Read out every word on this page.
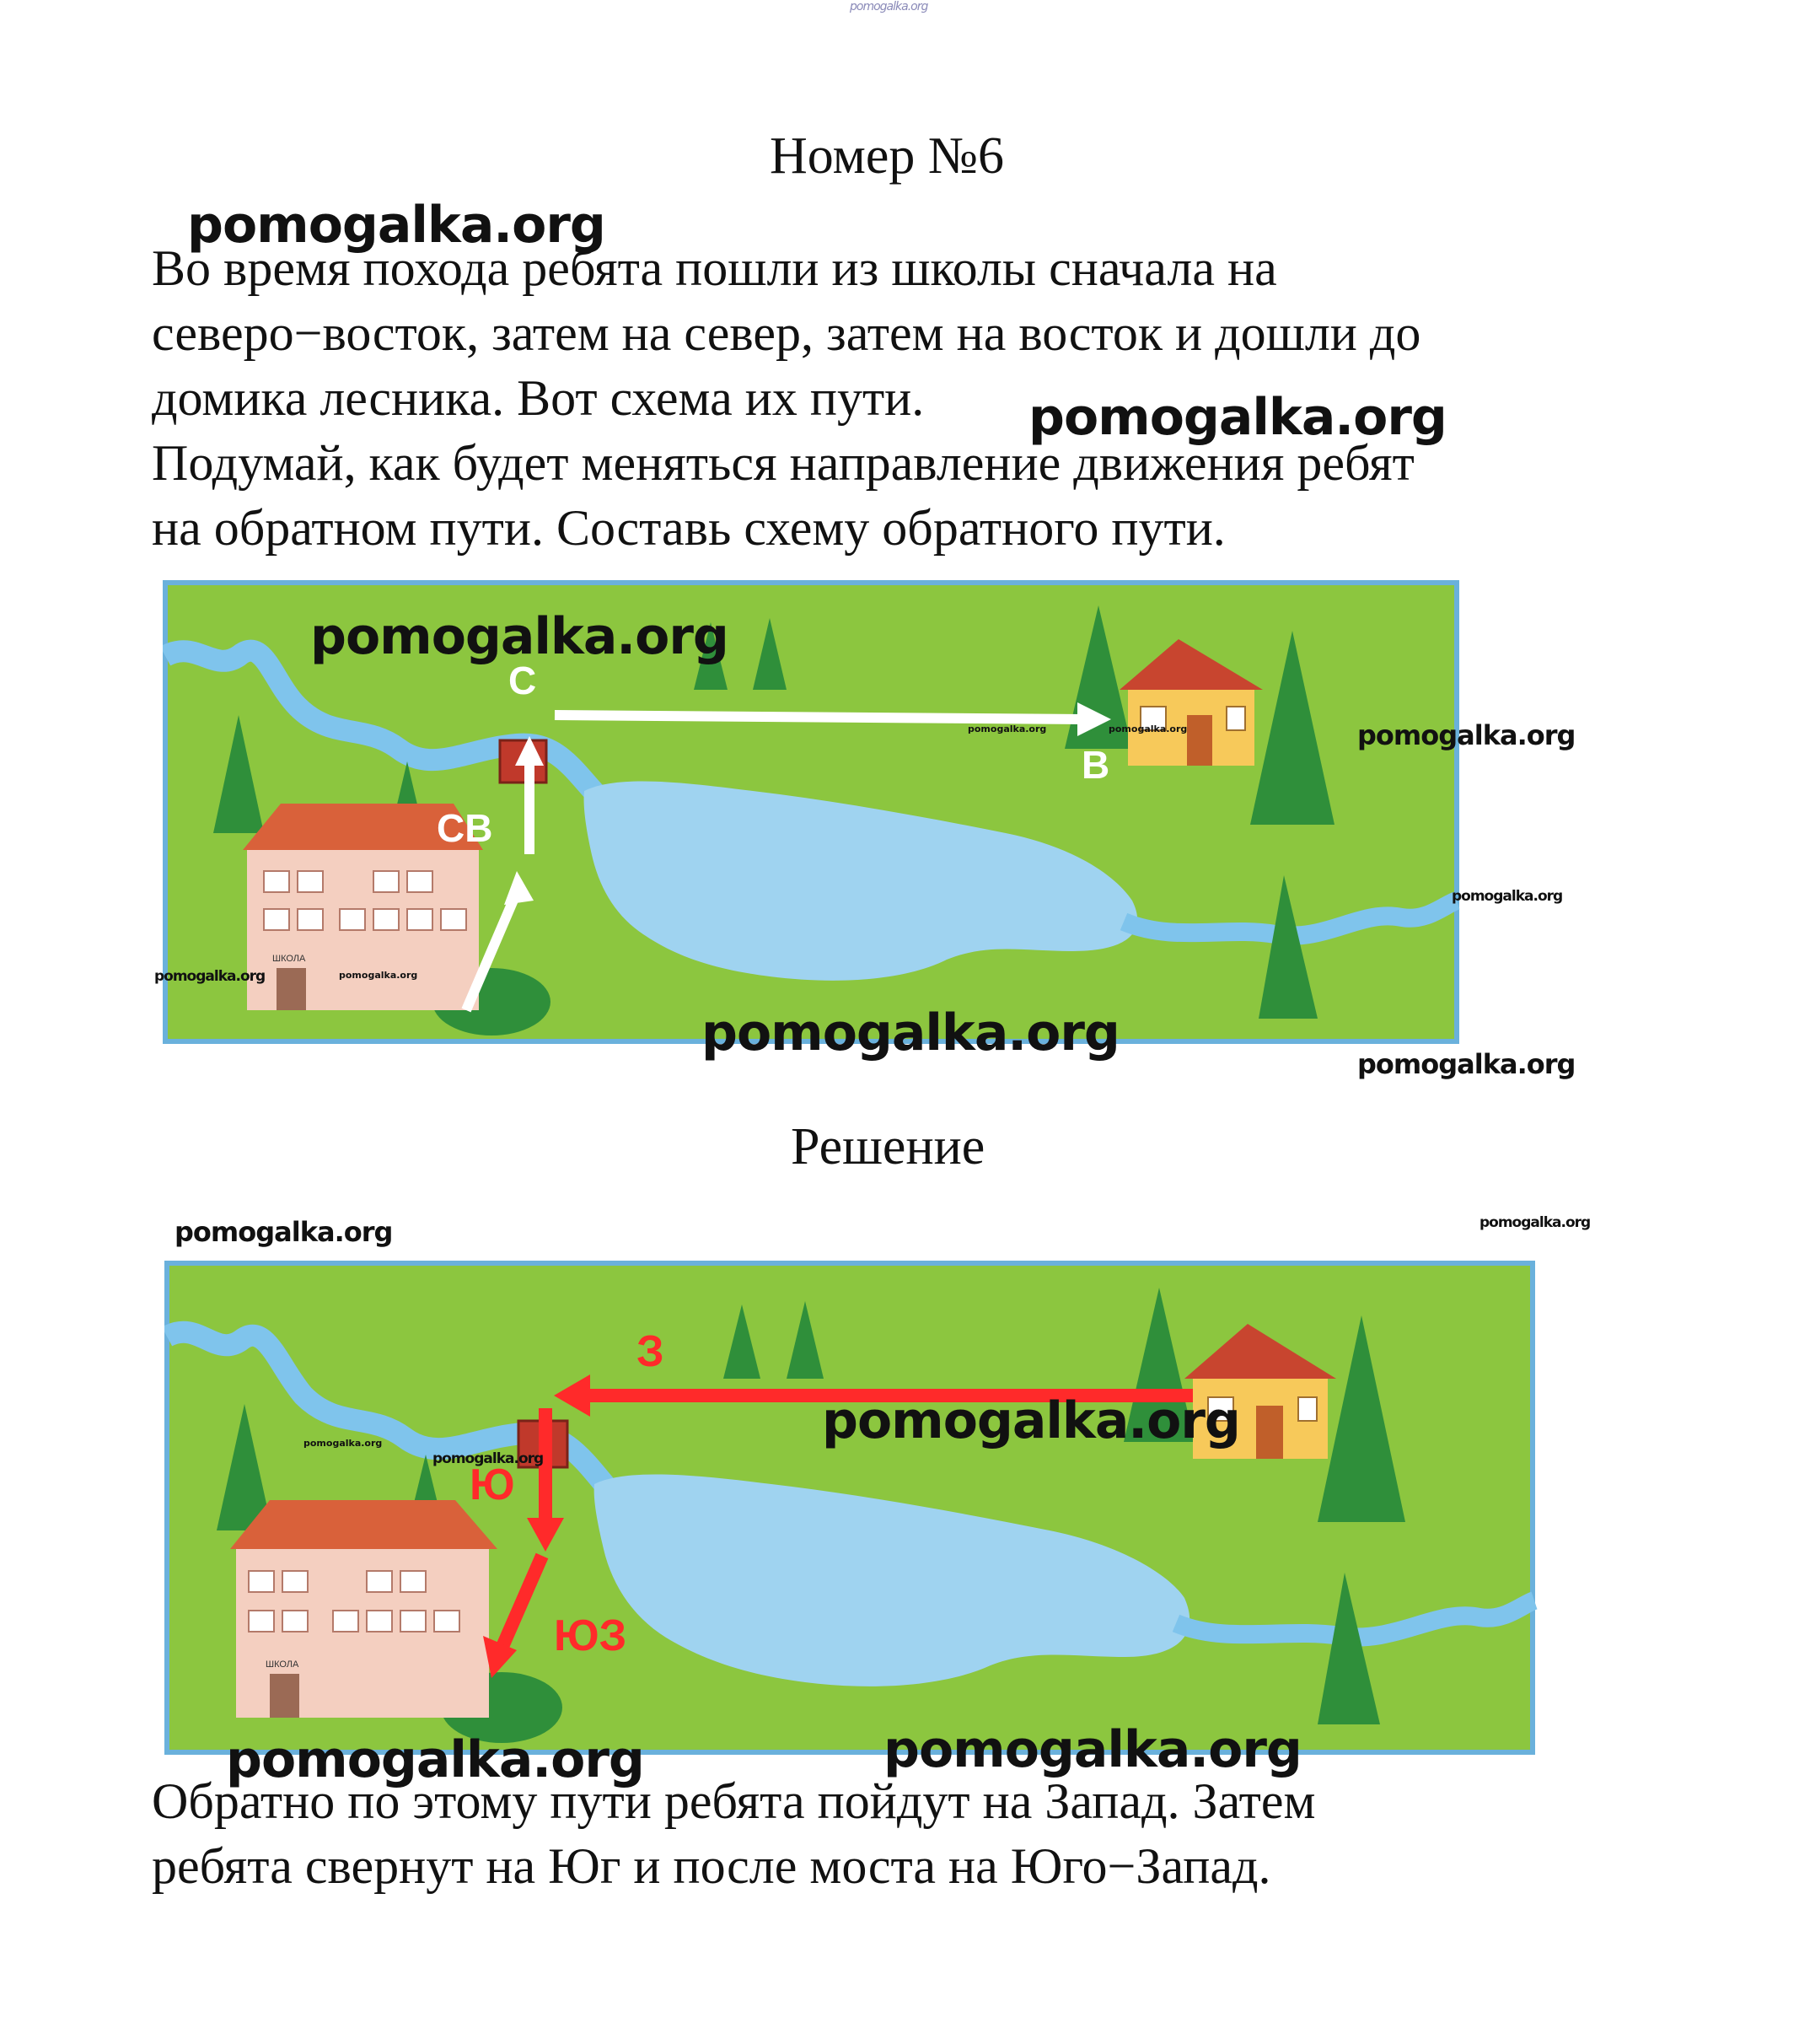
pomogalka.org
Номер №6
Во время похода ребята пошли из школы сначала на
северо−восток, затем на север, затем на восток и дошли до
домика лесника. Вот схема их пути.
Подумай, как будет меняться направление движения ребят
на обратном пути. Составь схему обратного пути.
ШКОЛА
С
СВ
В
Решение
ШКОЛА
З
Ю
ЮЗ
Обратно по этому пути ребята пойдут на Запад. Затем
ребята свернут на Юг и после моста на Юго−Запад.
pomogalka.org
pomogalka.org
pomogalka.org
pomogalka.org
pomogalka.org	pomogalka.org
pomogalka.org
pomogalka.org	pomogalka.org
pomogalka.org
pomogalka.org
pomogalka.org	pomogalka.org
pomogalka.org
pomogalka.org
pomogalka.org
pomogalka.org	pomogalka.org
